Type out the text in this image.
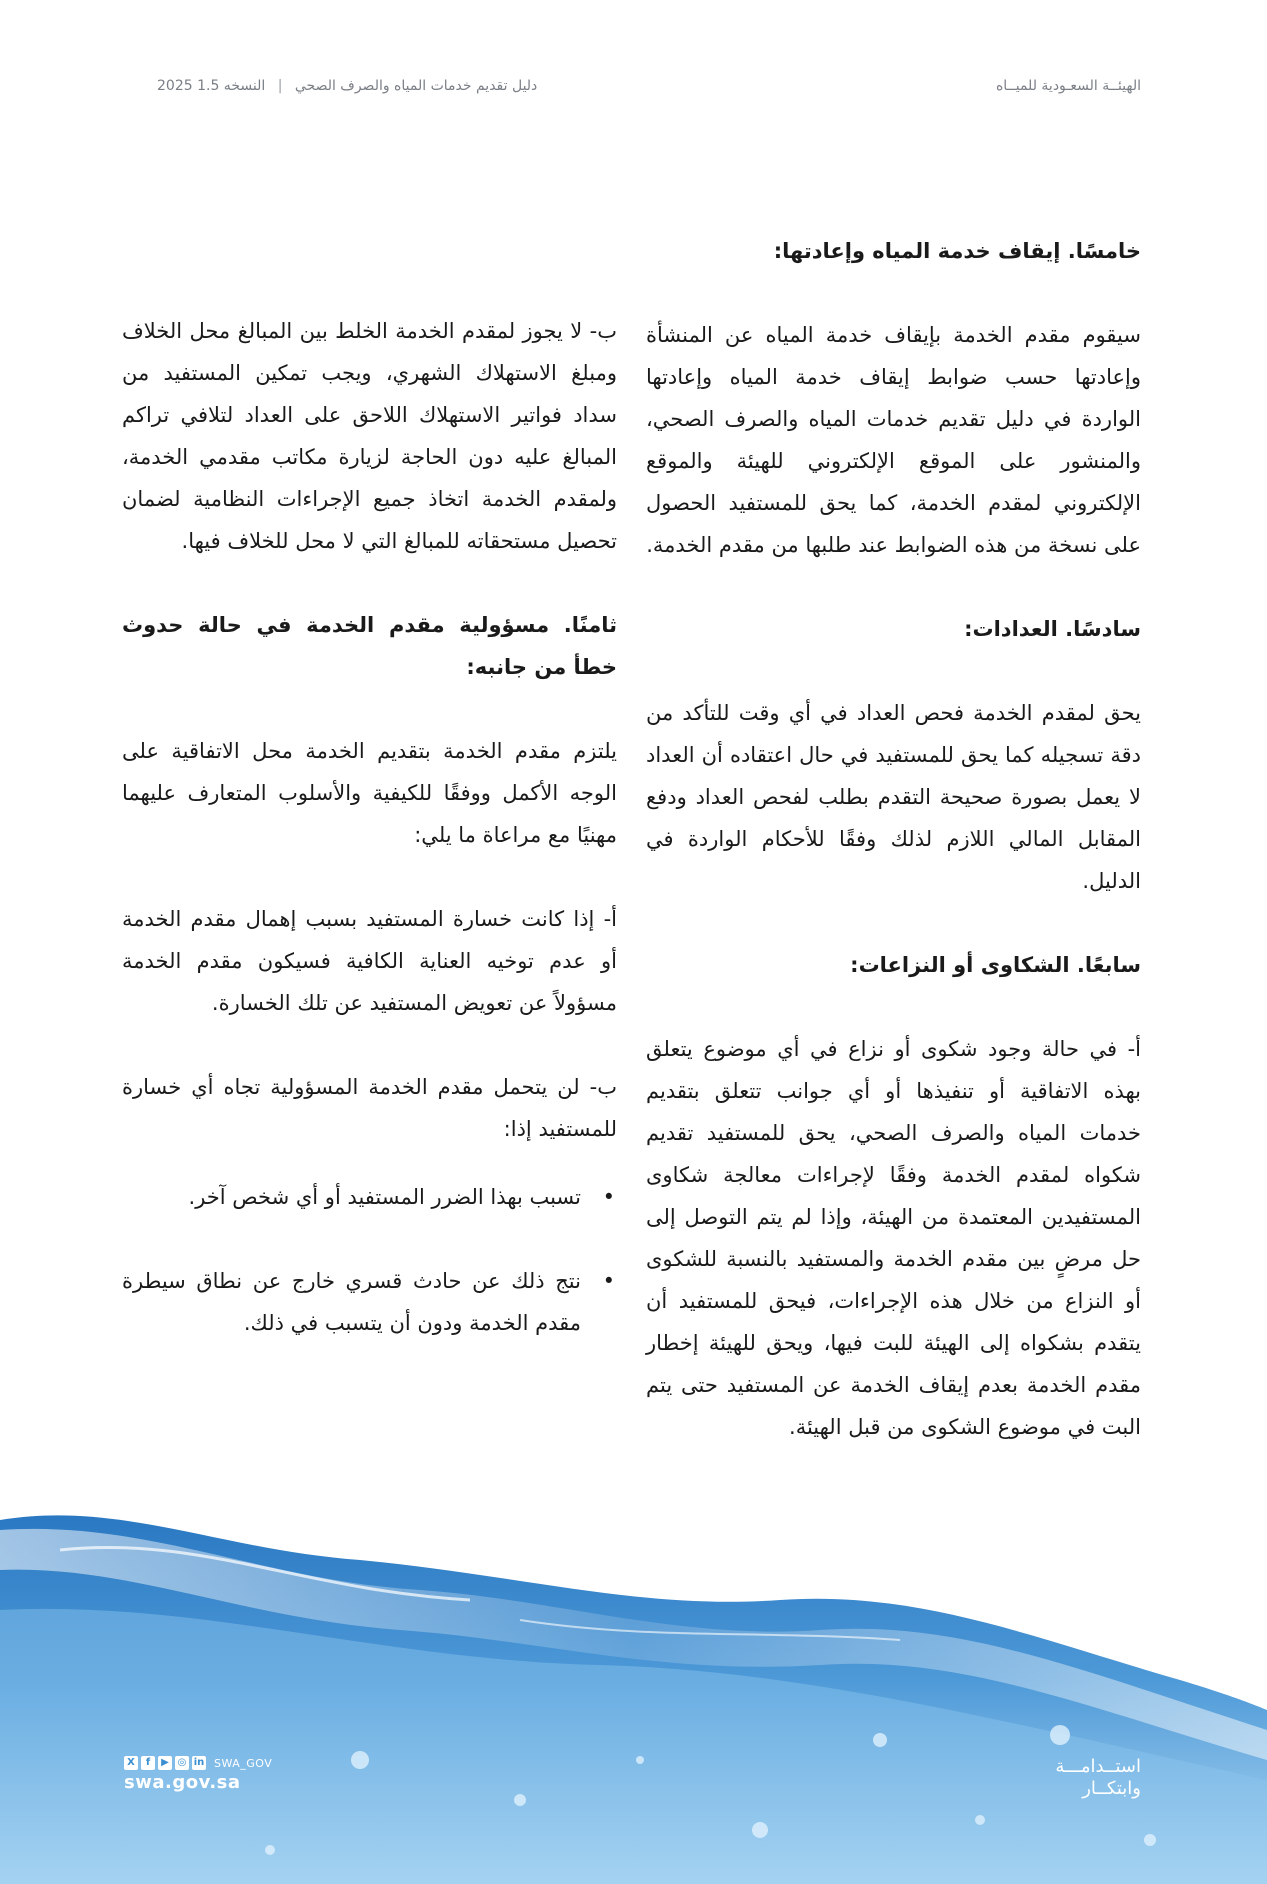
الهيئــة السعـودية للميــاه
دليل تقديم خدمات المياه والصرف الصحي | النسخه 1.5 2025
خامسًا. إيقاف خدمة المياه وإعادتها:

سيقوم مقدم الخدمة بإيقاف خدمة المياه عن المنشأة وإعادتها حسب ضوابط إيقاف خدمة المياه وإعادتها الواردة في دليل تقديم خدمات المياه والصرف الصحي، والمنشور على الموقع الإلكتروني للهيئة والموقع الإلكتروني لمقدم الخدمة، كما يحق للمستفيد الحصول على نسخة من هذه الضوابط عند طلبها من مقدم الخدمة.

سادسًا. العدادات:

يحق لمقدم الخدمة فحص العداد في أي وقت للتأكد من دقة تسجيله كما يحق للمستفيد في حال اعتقاده أن العداد لا يعمل بصورة صحيحة التقدم بطلب لفحص العداد ودفع المقابل المالي اللازم لذلك وفقًا للأحكام الواردة في الدليل.

سابعًا. الشكاوى أو النزاعات:

أ- في حالة وجود شكوى أو نزاع في أي موضوع يتعلق بهذه الاتفاقية أو تنفيذها أو أي جوانب تتعلق بتقديم خدمات المياه والصرف الصحي، يحق للمستفيد تقديم شكواه لمقدم الخدمة وفقًا لإجراءات معالجة شكاوى المستفيدين المعتمدة من الهيئة، وإذا لم يتم التوصل إلى حل مرضٍ بين مقدم الخدمة والمستفيد بالنسبة للشكوى أو النزاع من خلال هذه الإجراءات، فيحق للمستفيد أن يتقدم بشكواه إلى الهيئة للبت فيها، ويحق للهيئة إخطار مقدم الخدمة بعدم إيقاف الخدمة عن المستفيد حتى يتم البت في موضوع الشكوى من قبل الهيئة.

ب- لا يجوز لمقدم الخدمة الخلط بين المبالغ محل الخلاف ومبلغ الاستهلاك الشهري، ويجب تمكين المستفيد من سداد فواتير الاستهلاك اللاحق على العداد لتلافي تراكم المبالغ عليه دون الحاجة لزيارة مكاتب مقدمي الخدمة، ولمقدم الخدمة اتخاذ جميع الإجراءات النظامية لضمان تحصيل مستحقاته للمبالغ التي لا محل للخلاف فيها.

ثامنًا. مسؤولية مقدم الخدمة في حالة حدوث خطأ من جانبه:

يلتزم مقدم الخدمة بتقديم الخدمة محل الاتفاقية على الوجه الأكمل ووفقًا للكيفية والأسلوب المتعارف عليهما مهنيًا مع مراعاة ما يلي:

أ- إذا كانت خسارة المستفيد بسبب إهمال مقدم الخدمة أو عدم توخيه العناية الكافية فسيكون مقدم الخدمة مسؤولاً عن تعويض المستفيد عن تلك الخسارة.

ب- لن يتحمل مقدم الخدمة المسؤولية تجاه أي خسارة للمستفيد إذا:

•
تسبب بهذا الضرر المستفيد أو أي شخص آخر.
•
نتج ذلك عن حادث قسري خارج عن نطاق سيطرة مقدم الخدمة ودون أن يتسبب في ذلك.
X	f	▶ ◎ in SWA_GOV
swa.gov.sa
استــدامـــة
وابتكــار
